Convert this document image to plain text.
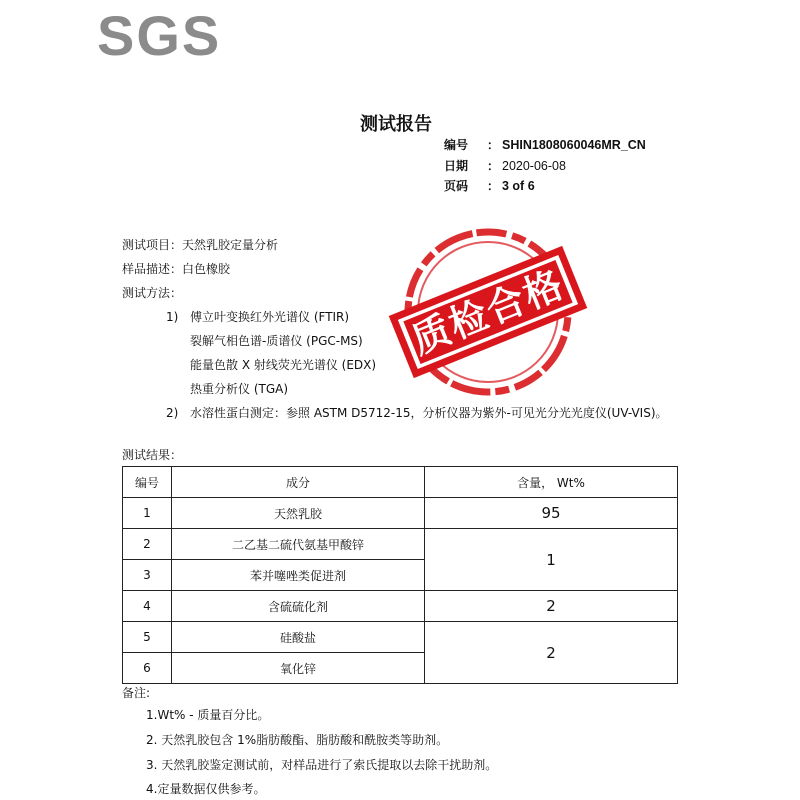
SGS
测试报告
编号 ： SHIN1808060046MR_CN
日期 ： 2020-06-08
页码 ： 3 of 6
测试项目：天然乳胶定量分析
样品描述：白色橡胶
测试方法：
1) 傅立叶变换红外光谱仪 (FTIR)
裂解气相色谱-质谱仪 (PGC-MS)
能量色散 X 射线荧光光谱仪 (EDX)
热重分析仪 (TGA)
2) 水溶性蛋白测定：参照 ASTM D5712-15，分析仪器为紫外-可见光分光光度仪(UV-VIS)。
测试结果：
编号	成分	含量， Wt%
1	天然乳胶	95
2	二乙基二硫代氨基甲酸锌	1
3	苯并噻唑类促进剂	
4	含硫硫化剂	2
5	硅酸盐	2
6	氧化锌	
备注:
1.Wt% - 质量百分比。
2. 天然乳胶包含 1%脂肪酸酯、脂肪酸和酰胺类等助剂。
3. 天然乳胶鉴定测试前，对样品进行了索氏提取以去除干扰助剂。
4.定量数据仅供参考。
质检合格
